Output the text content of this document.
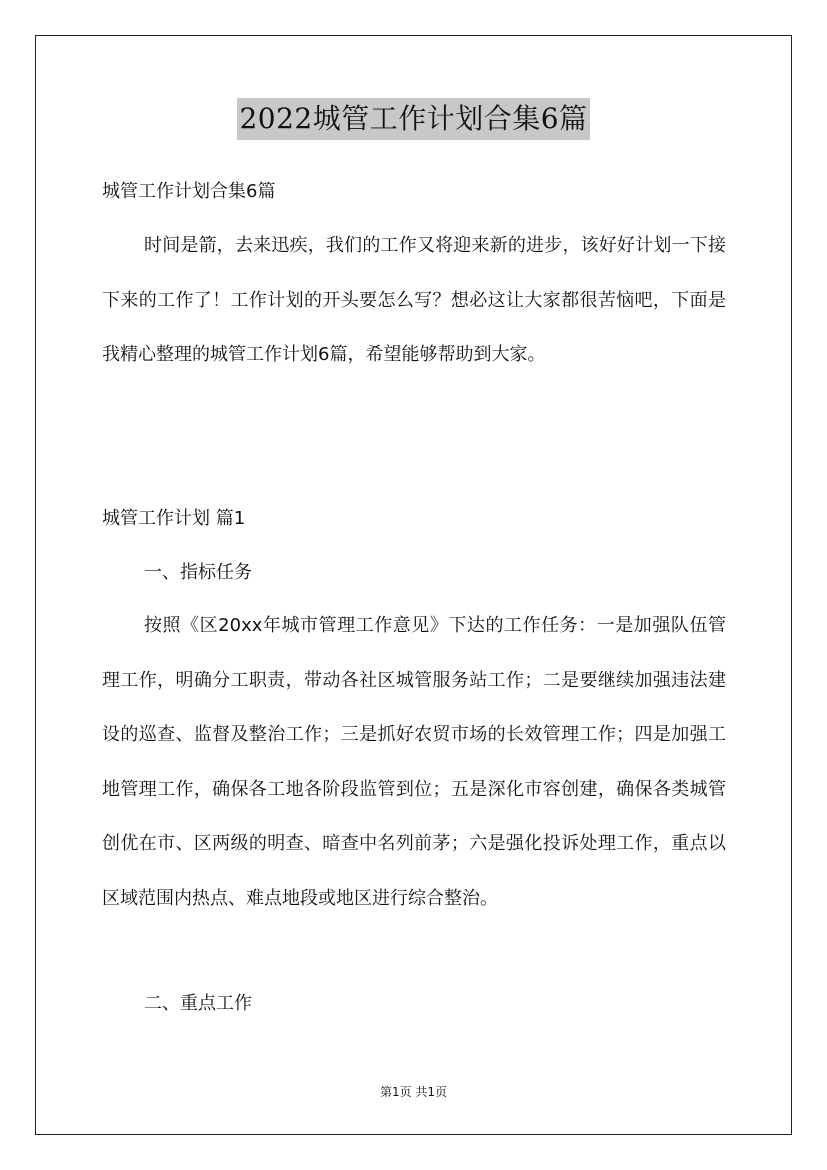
2022城管工作计划合集6篇
城管工作计划合集6篇

时间是箭，去来迅疾，我们的工作又将迎来新的进步，该好好计划一下接下来的工作了！工作计划的开头要怎么写？想必这让大家都很苦恼吧，下面是我精心整理的城管工作计划6篇，希望能够帮助到大家。

城管工作计划 篇1
一、指标任务

按照《区20xx年城市管理工作意见》下达的工作任务：一是加强队伍管理工作，明确分工职责，带动各社区城管服务站工作；二是要继续加强违法建设的巡查、监督及整治工作；三是抓好农贸市场的长效管理工作；四是加强工地管理工作，确保各工地各阶段监管到位；五是深化市容创建，确保各类城管创优在市、区两级的明查、暗查中名列前茅；六是强化投诉处理工作，重点以区域范围内热点、难点地段或地区进行综合整治。

二、重点工作
第1页 共1页
